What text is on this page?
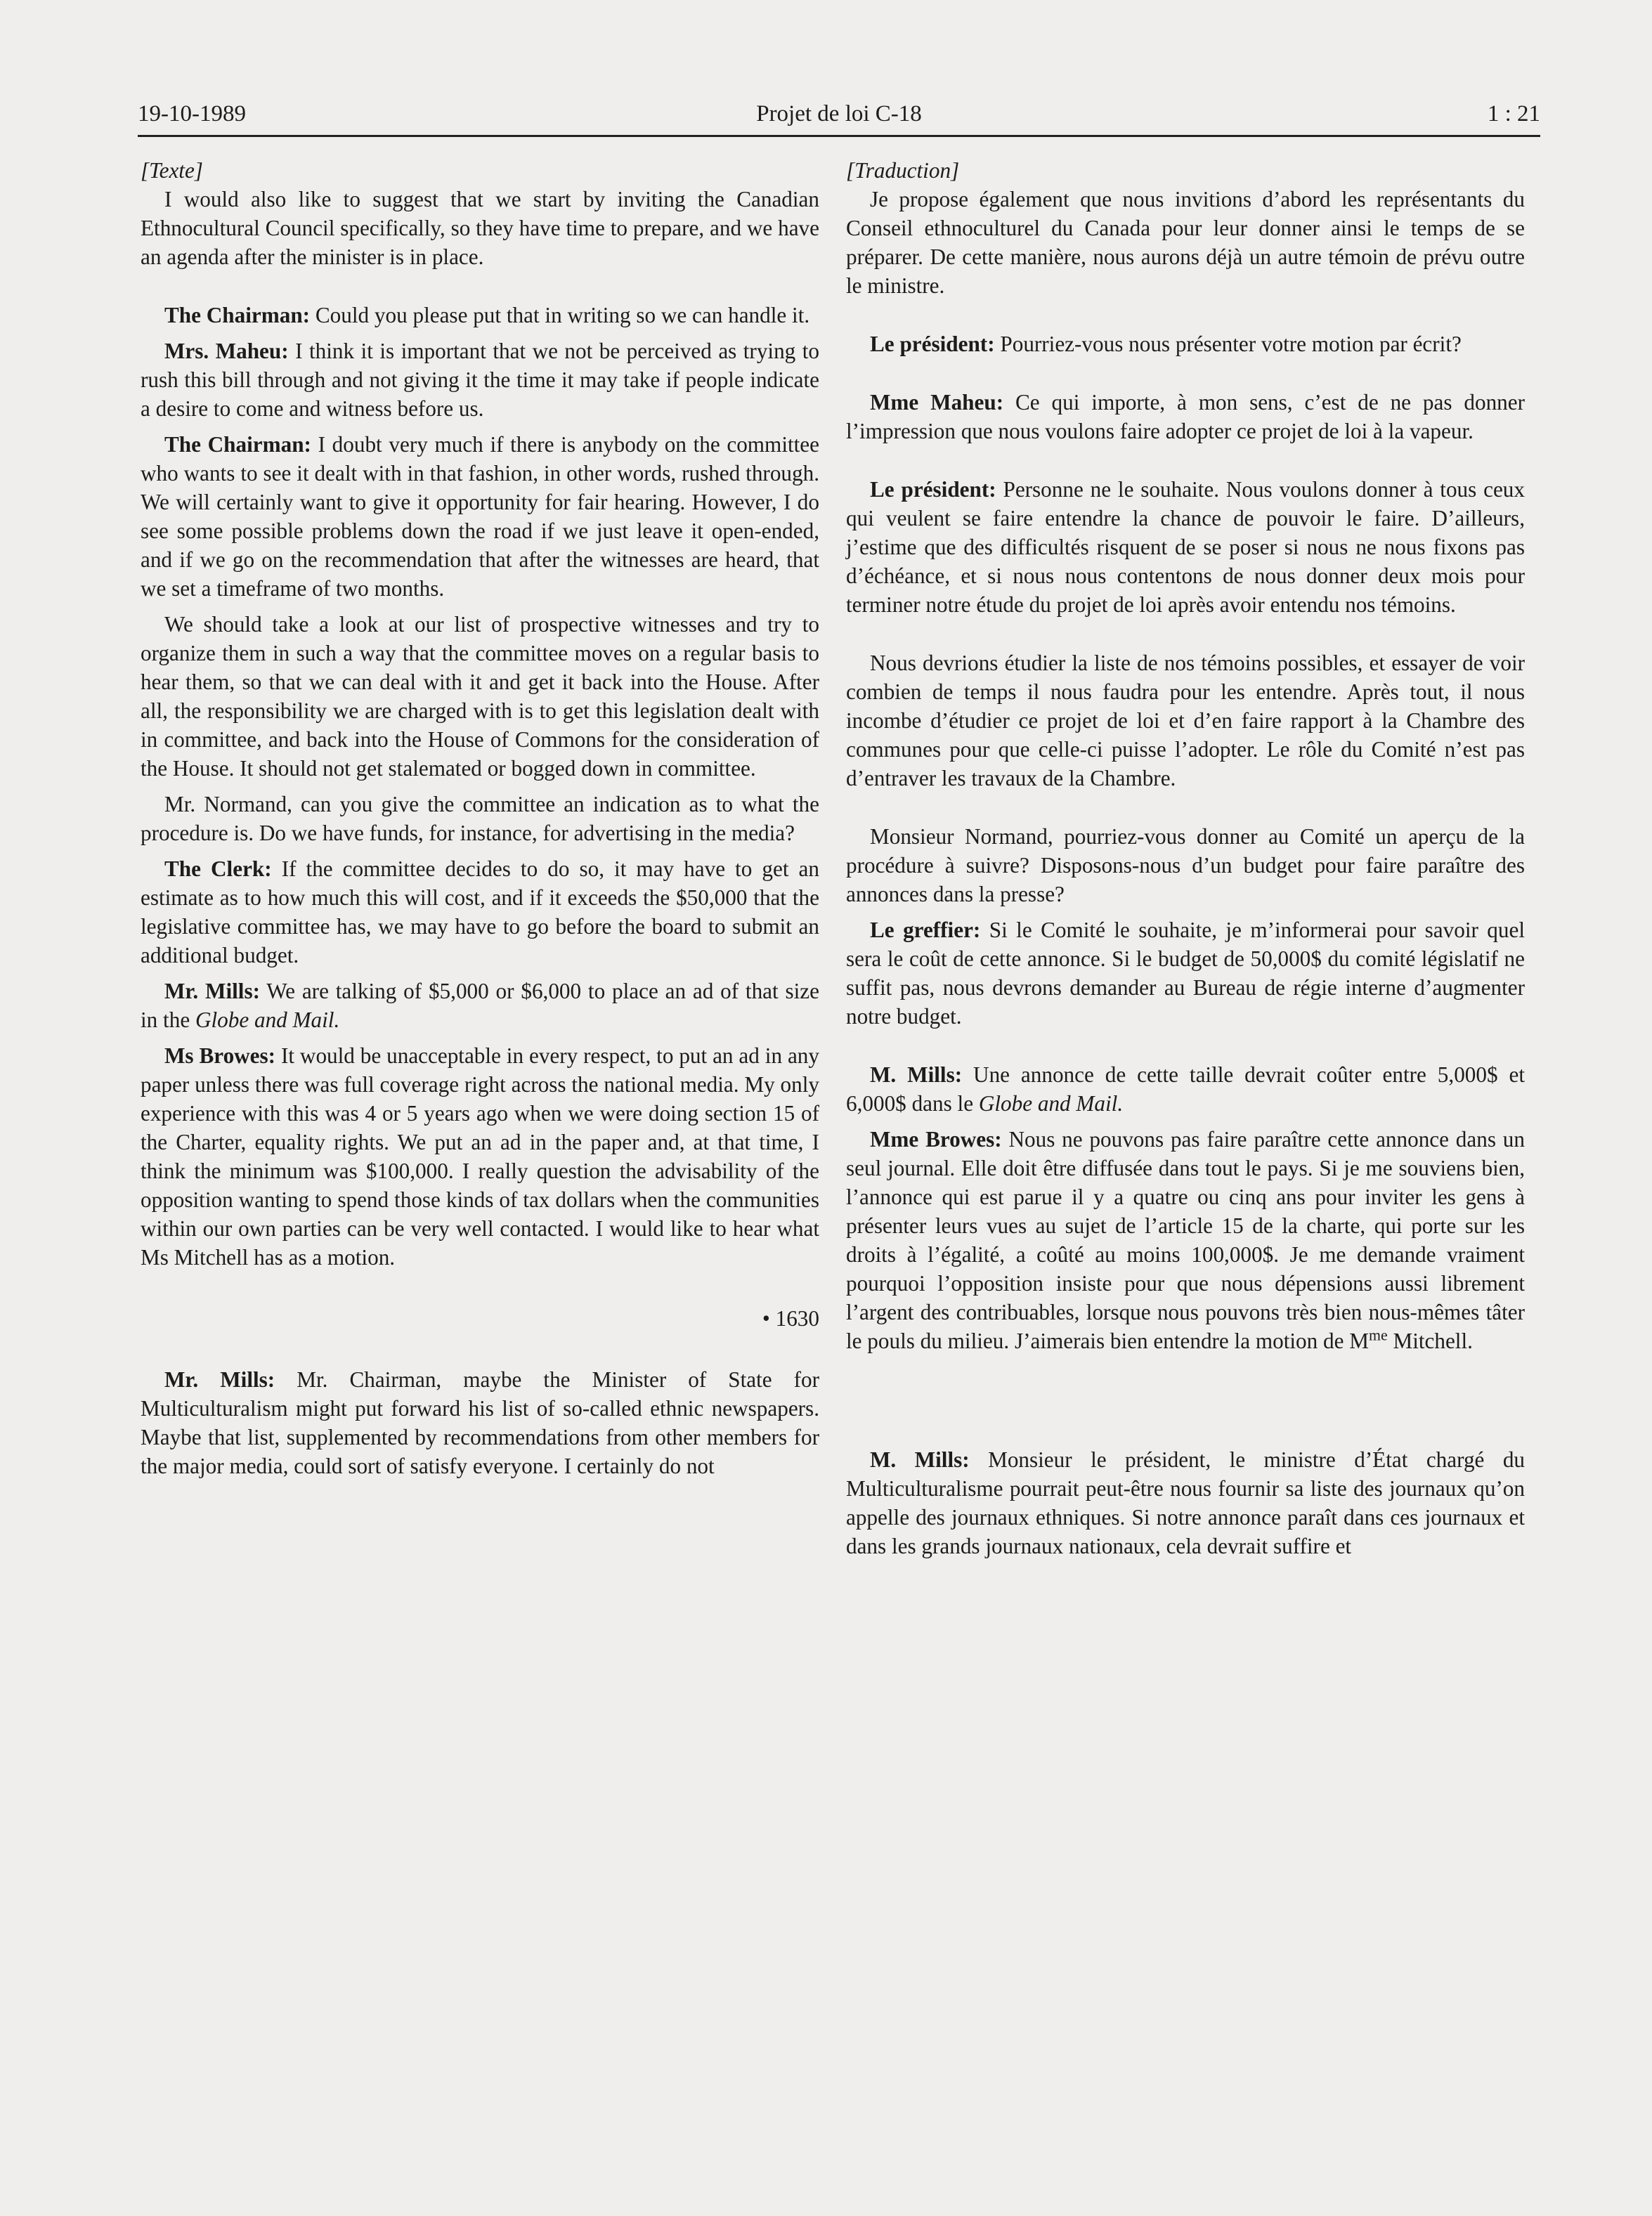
19-10-1989	Projet de loi C-18	1 : 21

[Texte]

I would also like to suggest that we start by inviting the Canadian Ethnocultural Council specifically, so they have time to prepare, and we have an agenda after the minister is in place.

The Chairman: Could you please put that in writing so we can handle it.

Mrs. Maheu: I think it is important that we not be perceived as trying to rush this bill through and not giving it the time it may take if people indicate a desire to come and witness before us.

The Chairman: I doubt very much if there is anybody on the committee who wants to see it dealt with in that fashion, in other words, rushed through. We will certainly want to give it opportunity for fair hearing. However, I do see some possible problems down the road if we just leave it open-ended, and if we go on the recommendation that after the witnesses are heard, that we set a timeframe of two months.

We should take a look at our list of prospective witnesses and try to organize them in such a way that the committee moves on a regular basis to hear them, so that we can deal with it and get it back into the House. After all, the responsibility we are charged with is to get this legislation dealt with in committee, and back into the House of Commons for the consideration of the House. It should not get stalemated or bogged down in committee.

Mr. Normand, can you give the committee an indication as to what the procedure is. Do we have funds, for instance, for advertising in the media?

The Clerk: If the committee decides to do so, it may have to get an estimate as to how much this will cost, and if it exceeds the $50,000 that the legislative committee has, we may have to go before the board to submit an additional budget.

Mr. Mills: We are talking of $5,000 or $6,000 to place an ad of that size in the Globe and Mail.

Ms Browes: It would be unacceptable in every respect, to put an ad in any paper unless there was full coverage right across the national media. My only experience with this was 4 or 5 years ago when we were doing section 15 of the Charter, equality rights. We put an ad in the paper and, at that time, I think the minimum was $100,000. I really question the advisability of the opposition wanting to spend those kinds of tax dollars when the communities within our own parties can be very well contacted. I would like to hear what Ms Mitchell has as a motion.

• 1630

Mr. Mills: Mr. Chairman, maybe the Minister of State for Multiculturalism might put forward his list of so-called ethnic newspapers. Maybe that list, supplemented by recommendations from other members for the major media, could sort of satisfy everyone. I certainly do not

[Traduction]

Je propose également que nous invitions d’abord les représentants du Conseil ethnoculturel du Canada pour leur donner ainsi le temps de se préparer. De cette manière, nous aurons déjà un autre témoin de prévu outre le ministre.

Le président: Pourriez-vous nous présenter votre motion par écrit?

Mme Maheu: Ce qui importe, à mon sens, c’est de ne pas donner l’impression que nous voulons faire adopter ce projet de loi à la vapeur.

Le président: Personne ne le souhaite. Nous voulons donner à tous ceux qui veulent se faire entendre la chance de pouvoir le faire. D’ailleurs, j’estime que des difficultés risquent de se poser si nous ne nous fixons pas d’échéance, et si nous nous contentons de nous donner deux mois pour terminer notre étude du projet de loi après avoir entendu nos témoins.

Nous devrions étudier la liste de nos témoins possibles, et essayer de voir combien de temps il nous faudra pour les entendre. Après tout, il nous incombe d’étudier ce projet de loi et d’en faire rapport à la Chambre des communes pour que celle-ci puisse l’adopter. Le rôle du Comité n’est pas d’entraver les travaux de la Chambre.

Monsieur Normand, pourriez-vous donner au Comité un aperçu de la procédure à suivre? Disposons-nous d’un budget pour faire paraître des annonces dans la presse?

Le greffier: Si le Comité le souhaite, je m’informerai pour savoir quel sera le coût de cette annonce. Si le budget de 50,000$ du comité législatif ne suffit pas, nous devrons demander au Bureau de régie interne d’augmenter notre budget.

M. Mills: Une annonce de cette taille devrait coûter entre 5,000$ et 6,000$ dans le Globe and Mail.

Mme Browes: Nous ne pouvons pas faire paraître cette annonce dans un seul journal. Elle doit être diffusée dans tout le pays. Si je me souviens bien, l’annonce qui est parue il y a quatre ou cinq ans pour inviter les gens à présenter leurs vues au sujet de l’article 15 de la charte, qui porte sur les droits à l’égalité, a coûté au moins 100,000$. Je me demande vraiment pourquoi l’opposition insiste pour que nous dépensions aussi librement l’argent des contribuables, lorsque nous pouvons très bien nous-mêmes tâter le pouls du milieu. J’aimerais bien entendre la motion de $M^{me}$ Mitchell.

M. Mills: Monsieur le président, le ministre d’État chargé du Multiculturalisme pourrait peut-être nous fournir sa liste des journaux qu’on appelle des journaux ethniques. Si notre annonce paraît dans ces journaux et dans les grands journaux nationaux, cela devrait suffire et
